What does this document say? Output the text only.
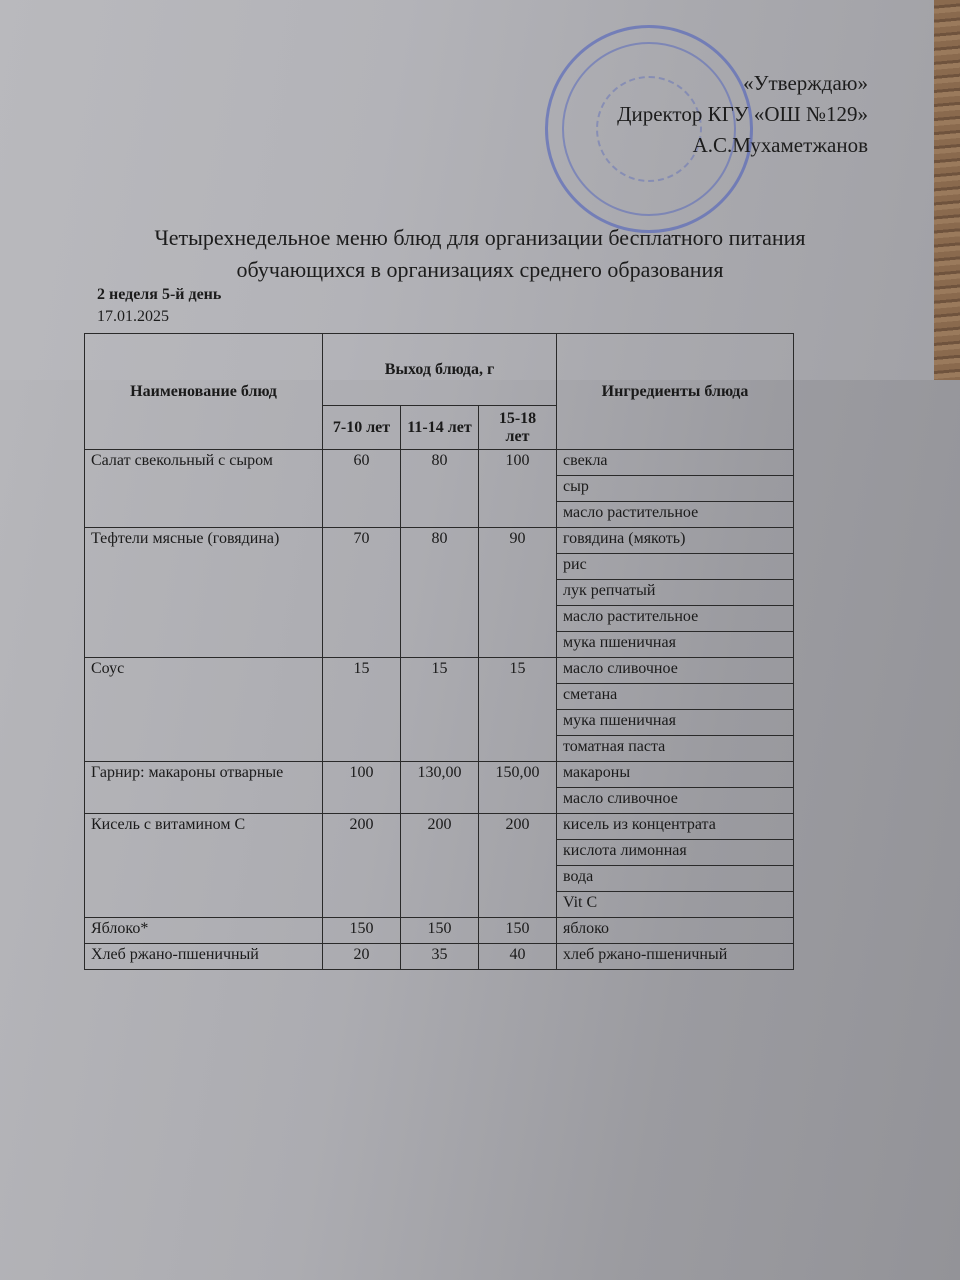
«Утверждаю»
Директор КГУ «ОШ №129»
А.С.Мухаметжанов
Четырехнедельное меню блюд для организации бесплатного питания
обучающихся в организациях среднего образования
2 неделя 5-й день
17.01.2025
Наименование блюд	Выход блюда, г			Ингредиенты блюда
	7-10 лет	11-14 лет	15-18 лет	
Салат свекольный с сыром	60	80	100	свекла
				сыр
				масло растительное
Тефтели мясные (говядина)	70	80	90	говядина (мякоть)
				рис
				лук репчатый
				масло растительное
				мука пшеничная
Соус	15	15	15	масло сливочное
				сметана
				мука пшеничная
				томатная паста
Гарнир: макароны отварные	100	130,00	150,00	макароны
				масло сливочное
Кисель с витамином С	200	200	200	кисель из концентрата
				кислота лимонная
				вода
				Vit C
Яблоко*	150	150	150	яблоко
Хлеб ржано-пшеничный	20	35	40	хлеб ржано-пшеничный
